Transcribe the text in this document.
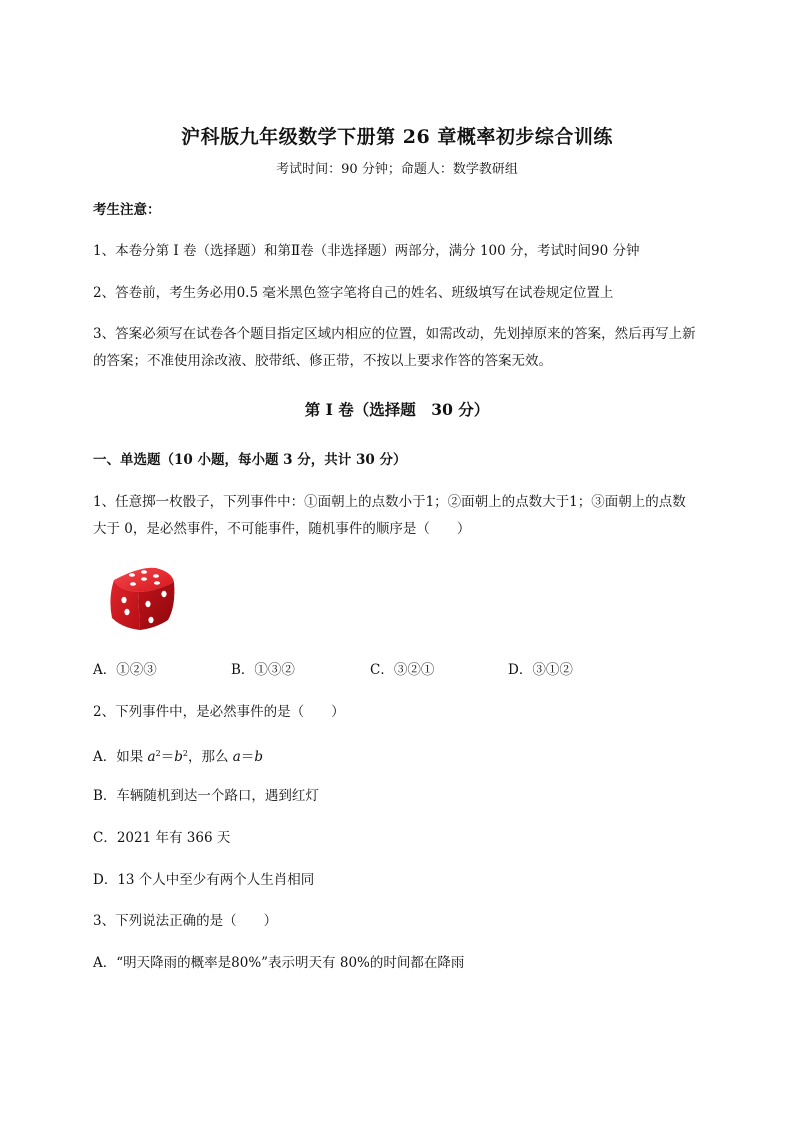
沪科版九年级数学下册第 26 章概率初步综合训练
考试时间：90 分钟；命题人：数学教研组
考生注意：
1、本卷分第 I 卷（选择题）和第Ⅱ卷（非选择题）两部分，满分 100 分，考试时间90 分钟
2、答卷前，考生务必用0.5 毫米黑色签字笔将自己的姓名、班级填写在试卷规定位置上
3、答案必须写在试卷各个题目指定区域内相应的位置，如需改动，先划掉原来的答案，然后再写上新
的答案；不准使用涂改液、胶带纸、修正带，不按以上要求作答的答案无效。
第 I 卷（选择题　30 分）
一、单选题（10 小题，每小题 3 分，共计 30 分）
1、任意掷一枚骰子，下列事件中：①面朝上的点数小于1；②面朝上的点数大于1；③面朝上的点数
大于 0，是必然事件，不可能事件，随机事件的顺序是（　　）
A．①②③	B．①③②	C．③②①	D．③①②
2、下列事件中，是必然事件的是（　　）
A．如果 $a^2=b^2$，那么 a＝b
B．车辆随机到达一个路口，遇到红灯
C．2021 年有 366 天
D．13 个人中至少有两个人生肖相同
3、下列说法正确的是（　　）
A．“明天降雨的概率是80%”表示明天有 80%的时间都在降雨
